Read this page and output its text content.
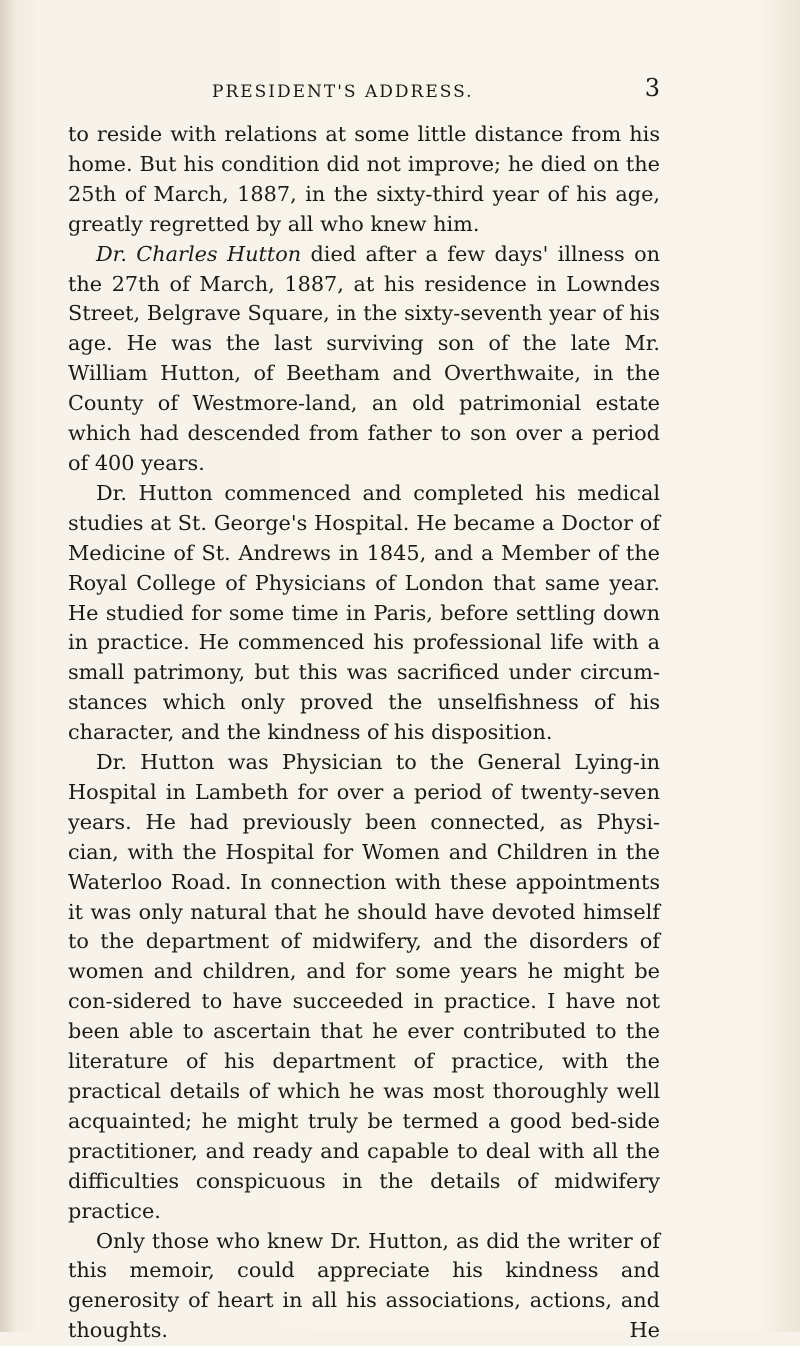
PRESIDENT'S ADDRESS.	3

to reside with relations at some little distance from his home. But his condition did not improve; he died on the 25th of March, 1887, in the sixty-third year of his age, greatly regretted by all who knew him.

Dr. Charles Hutton died after a few days' illness on the 27th of March, 1887, at his residence in Lowndes Street, Belgrave Square, in the sixty-seventh year of his age. He was the last surviving son of the late Mr. William Hutton, of Beetham and Overthwaite, in the County of Westmore-land, an old patrimonial estate which had descended from father to son over a period of 400 years.

Dr. Hutton commenced and completed his medical studies at St. George's Hospital. He became a Doctor of Medicine of St. Andrews in 1845, and a Member of the Royal College of Physicians of London that same year. He studied for some time in Paris, before settling down in practice. He commenced his professional life with a small patrimony, but this was sacrificed under circum-stances which only proved the unselfishness of his character, and the kindness of his disposition.

Dr. Hutton was Physician to the General Lying-in Hospital in Lambeth for over a period of twenty-seven years. He had previously been connected, as Physi-cian, with the Hospital for Women and Children in the Waterloo Road. In connection with these appointments it was only natural that he should have devoted himself to the department of midwifery, and the disorders of women and children, and for some years he might be con-sidered to have succeeded in practice. I have not been able to ascertain that he ever contributed to the literature of his department of practice, with the practical details of which he was most thoroughly well acquainted; he might truly be termed a good bed-side practitioner, and ready and capable to deal with all the difficulties conspicuous in the details of midwifery practice.

Only those who knew Dr. Hutton, as did the writer of this memoir, could appreciate his kindness and generosity of heart in all his associations, actions, and thoughts. He
